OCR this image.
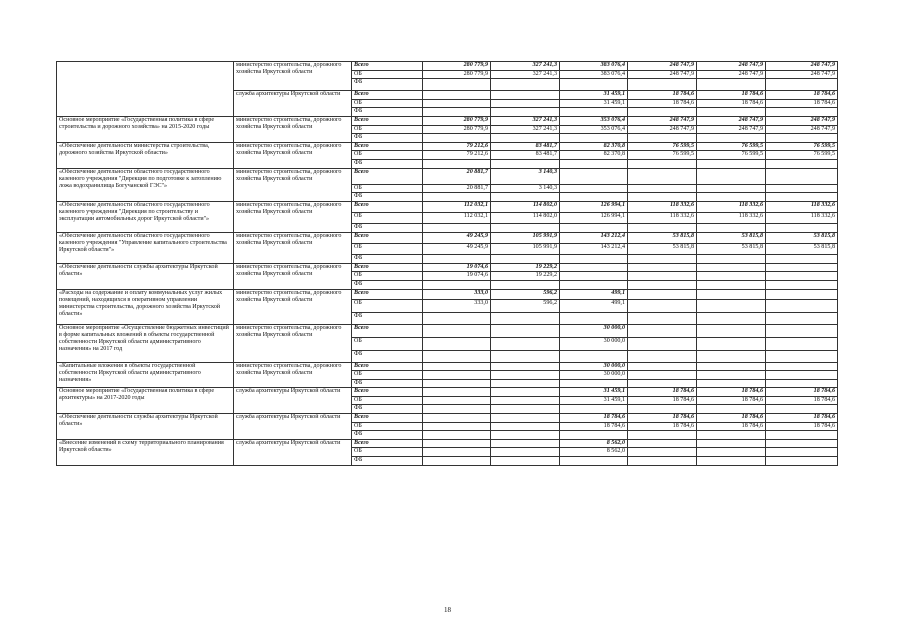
	министерство строительства, дорожного хозяйства Иркутской области	Всего	280 779,9	327 241,3	383 076,4	248 747,9	248 747,9	248 747,9
		ОБ	280 779,9	327 241,3	383 076,4	248 747,9	248 747,9	248 747,9
		ФБ						
	служба архитектуры Иркутской области	Всего			31 459,1	18 784,6	18 784,6	18 784,6
		ОБ			31 459,1	18 784,6	18 784,6	18 784,6
		ФБ						
Основное мероприятие «Государственная политика в сфере строительства и дорожного хозяйства» на 2015-2020 годы	министерство строительства, дорожного хозяйства Иркутской области	Всего	280 779,9	327 241,3	353 076,4	248 747,9	248 747,9	248 747,9
		ОБ	280 779,9	327 241,3	353 076,4	248 747,9	248 747,9	248 747,9
		ФБ						
«Обеспечение деятельности министерства строительства, дорожного хозяйства Иркутской области»	министерство строительства, дорожного хозяйства Иркутской области	Всего	79 212,6	83 481,7	82 370,8	76 599,5	76 599,5	76 599,5
		ОБ	79 212,6	83 481,7	82 370,8	76 599,5	76 599,5	76 599,5
		ФБ						
«Обеспечение деятельности областного государственного казенного учреждения "Дирекция по подготовке к затоплению ложа водохранилища Богучанской ГЭС"»	министерство строительства, дорожного хозяйства Иркутской области	Всего	20 881,7	3 140,3				
		ОБ	20 881,7	3 140,3				
		ФБ						
«Обеспечение деятельности областного государственного казенного учреждения "Дирекция по строительству и эксплуатации автомобильных дорог Иркутской области"»	министерство строительства, дорожного хозяйства Иркутской области	Всего	112 032,1	114 802,0	126 994,1	118 332,6	118 332,6	118 332,6
		ОБ	112 032,1	114 802,0	126 994,1	118 332,6	118 332,6	118 332,6
		ФБ						
«Обеспечение деятельности областного государственного казенного учреждения "Управление капитального строительства Иркутской области"»	министерство строительства, дорожного хозяйства Иркутской области	Всего	49 245,9	105 991,9	143 212,4	53 815,8	53 815,8	53 815,8
		ОБ	49 245,9	105 991,9	143 212,4	53 815,8	53 815,8	53 815,8
		ФБ						
«Обеспечение деятельности службы архитектуры Иркутской области»	министерство строительства, дорожного хозяйства Иркутской области	Всего	19 074,6	19 229,2				
		ОБ	19 074,6	19 229,2				
		ФБ						
«Расходы на содержание и оплату коммунальных услуг жилых помещений, находящихся в оперативном управлении министерства строительства, дорожного хозяйства Иркутской области»	министерство строительства, дорожного хозяйства Иркутской области	Всего	333,0	596,2	499,1			
		ОБ	333,0	596,2	499,1			
		ФБ						
Основное мероприятие «Осуществление бюджетных инвестиций в форме капитальных вложений в объекты государственной собственности Иркутской области административного назначения» на 2017 год	министерство строительства, дорожного хозяйства Иркутской области	Всего			30 000,0			
		ОБ			30 000,0			
		ФБ						
«Капитальные вложения в объекты государственной собственности Иркутской области административного назначения»	министерство строительства, дорожного хозяйства Иркутской области	Всего			30 000,0			
		ОБ			30 000,0			
		ФБ						
Основное мероприятие «Государственная политика в сфере архитектуры» на 2017-2020 годы	служба архитектуры Иркутской области	Всего			31 459,1	18 784,6	18 784,6	18 784,6
		ОБ			31 459,1	18 784,6	18 784,6	18 784,6
		ФБ						
«Обеспечение деятельности службы архитектуры Иркутской области»	служба архитектуры Иркутской области	Всего			18 784,6	18 784,6	18 784,6	18 784,6
		ОБ			18 784,6	18 784,6	18 784,6	18 784,6
		ФБ						
«Внесение изменений в схему территориального планирования Иркутской области»	служба архитектуры Иркутской области	Всего			8 562,0			
		ОБ			8 562,0			
		ФБ						
18
